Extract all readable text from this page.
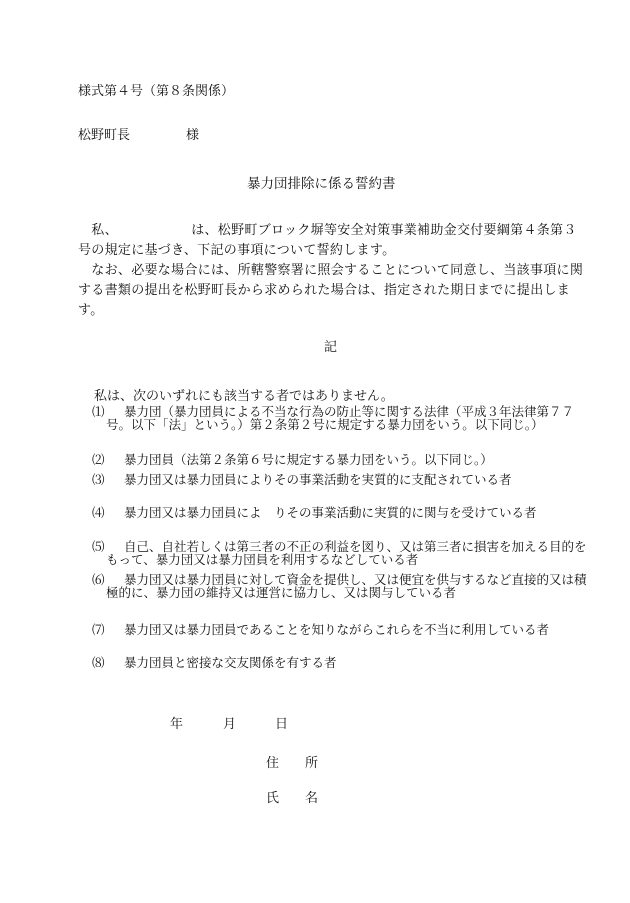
様式第４号（第８条関係）
松野町長	様
暴力団排除に係る誓約書
　私、　　　　　　は、松野町ブロック塀等安全対策事業補助金交付要綱第４条第３号の規定に基づき、下記の事項について誓約します。
　なお、必要な場合には、所轄警察署に照会することについて同意し、当該事項に関する書類の提出を松野町長から求められた場合は、指定された期日までに提出します。
記
私は、次のいずれにも該当する者ではありません。
⑴	暴力団（暴力団員による不当な行為の防止等に関する法律（平成３年法律第７７号。以下「法」という。）第２条第２号に規定する暴力団をいう。以下同じ。）
⑵	暴力団員（法第２条第６号に規定する暴力団をいう。以下同じ。）
⑶	暴力団又は暴力団員によりその事業活動を実質的に支配されている者
⑷	暴力団又は暴力団員によ　りその事業活動に実質的に関与を受けている者
⑸	自己、自社若しくは第三者の不正の利益を図り、又は第三者に損害を加える目的をもって、暴力団又は暴力団員を利用するなどしている者
⑹	暴力団又は暴力団員に対して資金を提供し、又は便宜を供与するなど直接的又は積極的に、暴力団の維持又は運営に協力し、又は関与している者
⑺	暴力団又は暴力団員であることを知りながらこれらを不当に利用している者
⑻	暴力団員と密接な交友関係を有する者
年	月	日
住　　所
氏　　名
